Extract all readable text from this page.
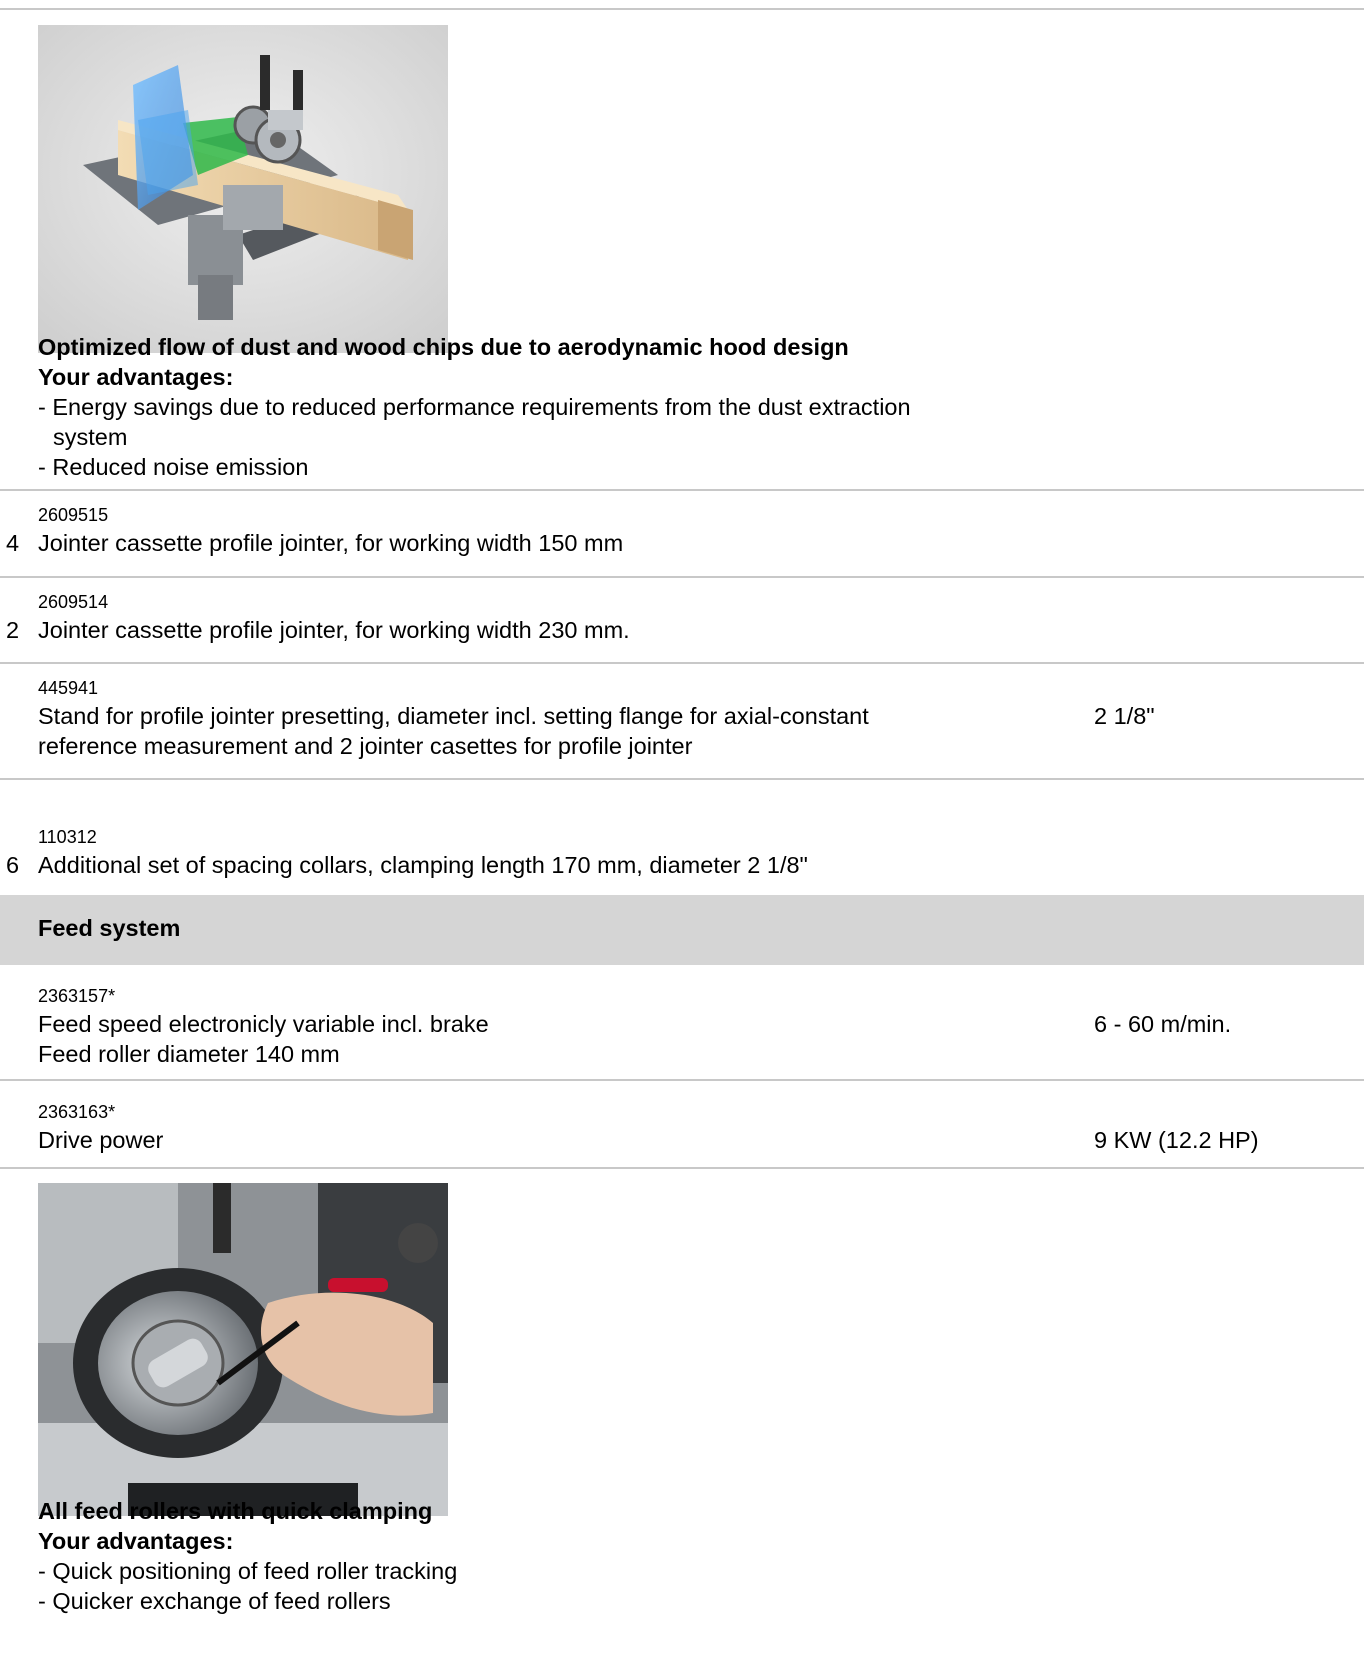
Optimized flow of dust and wood chips due to aerodynamic hood design
Your advantages:
- Energy savings due to reduced performance requirements from the dust extraction
system
- Reduced noise emission
2609515
4 Jointer cassette profile jointer, for working width 150 mm
2609514
2 Jointer cassette profile jointer, for working width 230 mm.
445941
Stand for profile jointer presetting, diameter incl. setting flange for axial-constant
reference measurement and 2 jointer casettes for profile jointer
2 1/8"
110312
6 Additional set of spacing collars, clamping length 170 mm, diameter 2 1/8"
Feed system
2363157*
Feed speed electronicly variable incl. brake
Feed roller diameter 140 mm
6 - 60 m/min.
2363163*
Drive power	9 KW (12.2 HP)
All feed rollers with quick clamping
Your advantages:
- Quick positioning of feed roller tracking
- Quicker exchange of feed rollers
